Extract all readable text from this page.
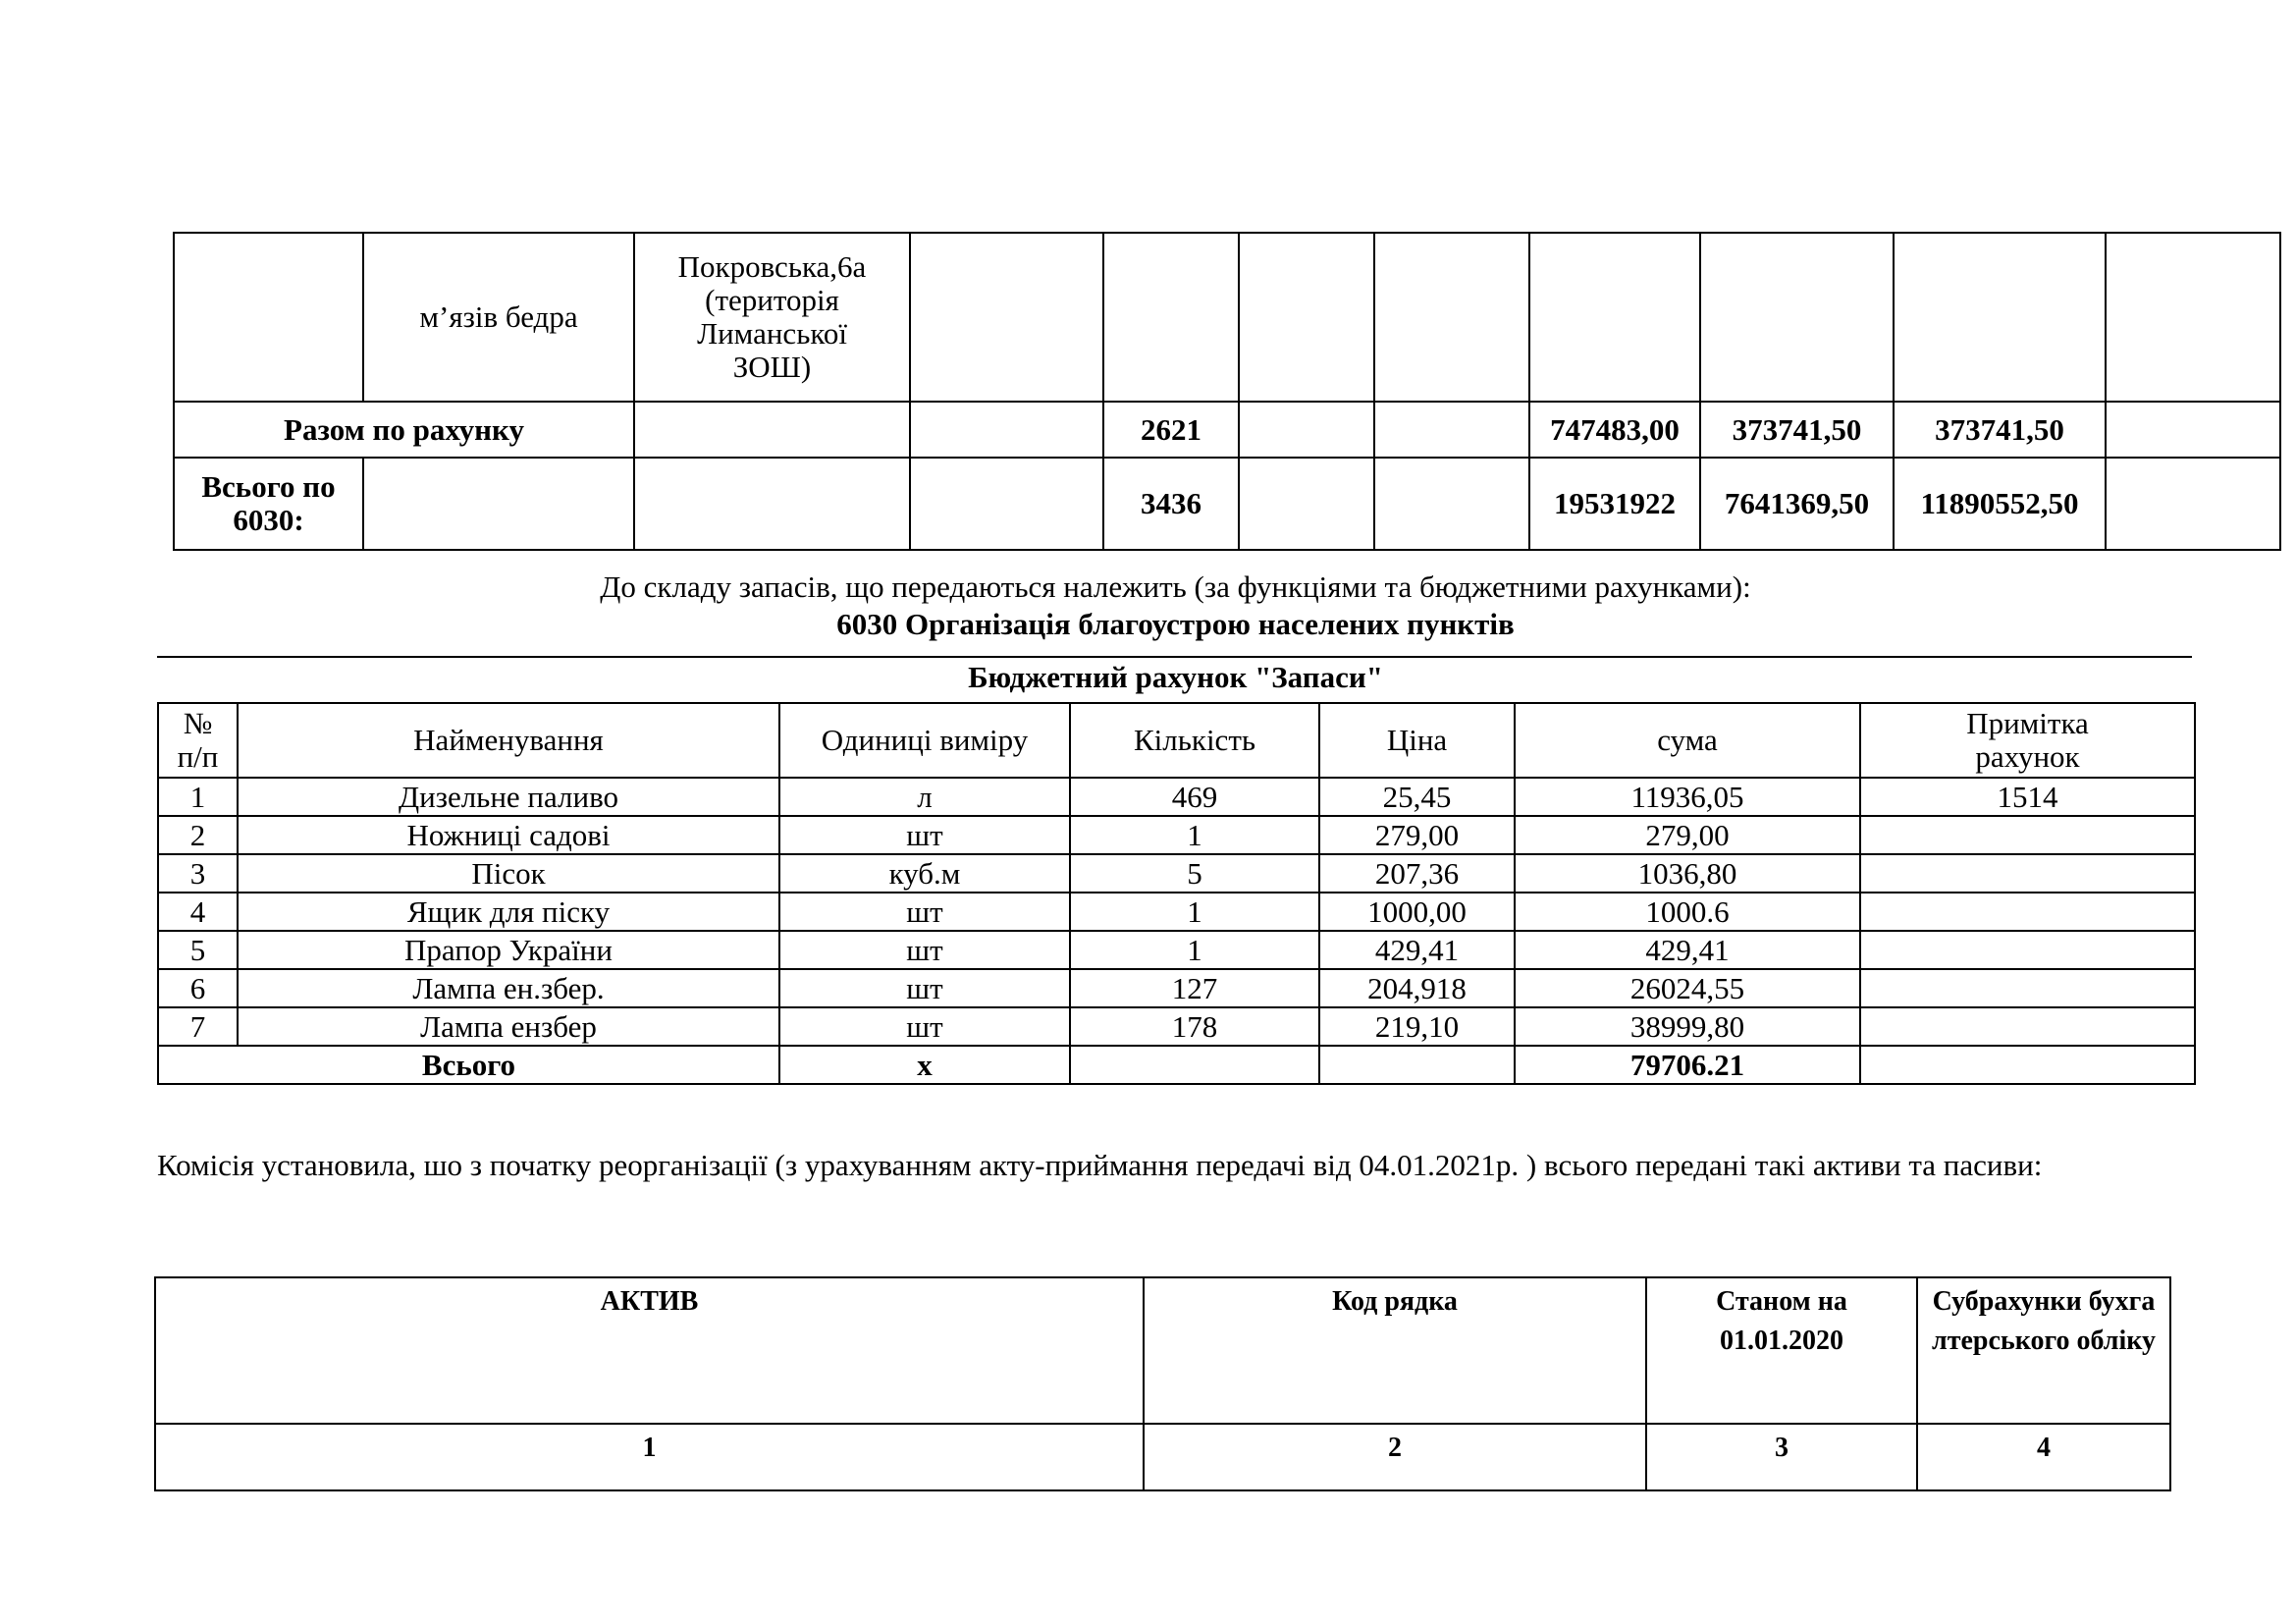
	м’язів бедра	Покровська,6а (територія Лиманської ЗОШ)								
Разом по рахунку				2621			747483,00	373741,50	373741,50	
Всього по 6030:				3436			19531922	7641369,50	11890552,50	
До складу запасів, що передаються належить (за функціями та бюджетними рахунками):
6030 Організація благоустрою населених пунктів
Бюджетний рахунок "Запаси"
№ п/п	Найменування	Одиниці виміру	Кількість	Ціна	сума	Примітка рахунок
1	Дизельне паливо	л	469	25,45	11936,05	1514
2	Ножниці садові	шт	1	279,00	279,00	
3	Пісок	куб.м	5	207,36	1036,80	
4	Ящик для піску	шт	1	1000,00	1000.6	
5	Прапор України	шт	1	429,41	429,41	
6	Лампа ен.збер.	шт	127	204,918	26024,55	
7	Лампа ензбер	шт	178	219,10	38999,80	
Всього		x			79706.21	
Комісія установила, шо з початку реорганізації (з урахуванням акту-приймання передачі від 04.01.2021р. ) всього передані такі активи та пасиви:
АКТИВ	Код рядка	Станом на 01.01.2020	Субрахунки бухгалтерського обліку
1	2	3	4
